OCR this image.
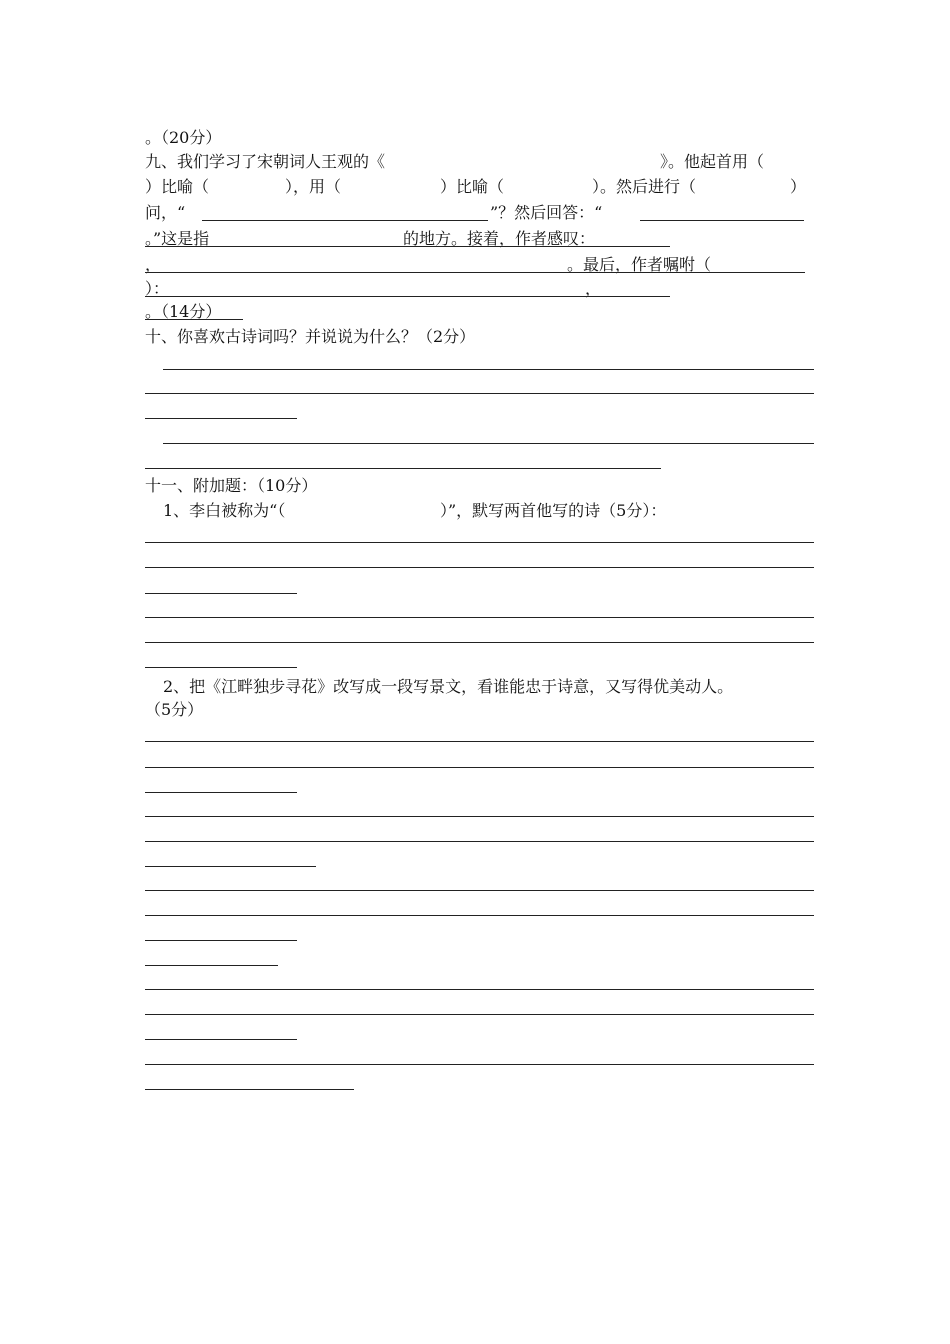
。（20分）
九、我们学习了宋朝词人王观的《	》。他起首用（
）比喻（	），用（	）比喻（	）。然后进行（	）
问，“	”？然后回答：“
。”这是指	的地方。接着，作者感叹：
，	。最后，作者嘱咐（
）：	，
。（14分）
十、你喜欢古诗词吗？并说说为什么？（2分）
十一、附加题：（10分）
1、李白被称为“（	）”，默写两首他写的诗（5分）：
2、把《江畔独步寻花》改写成一段写景文，看谁能忠于诗意，又写得优美动人。
（5分）
